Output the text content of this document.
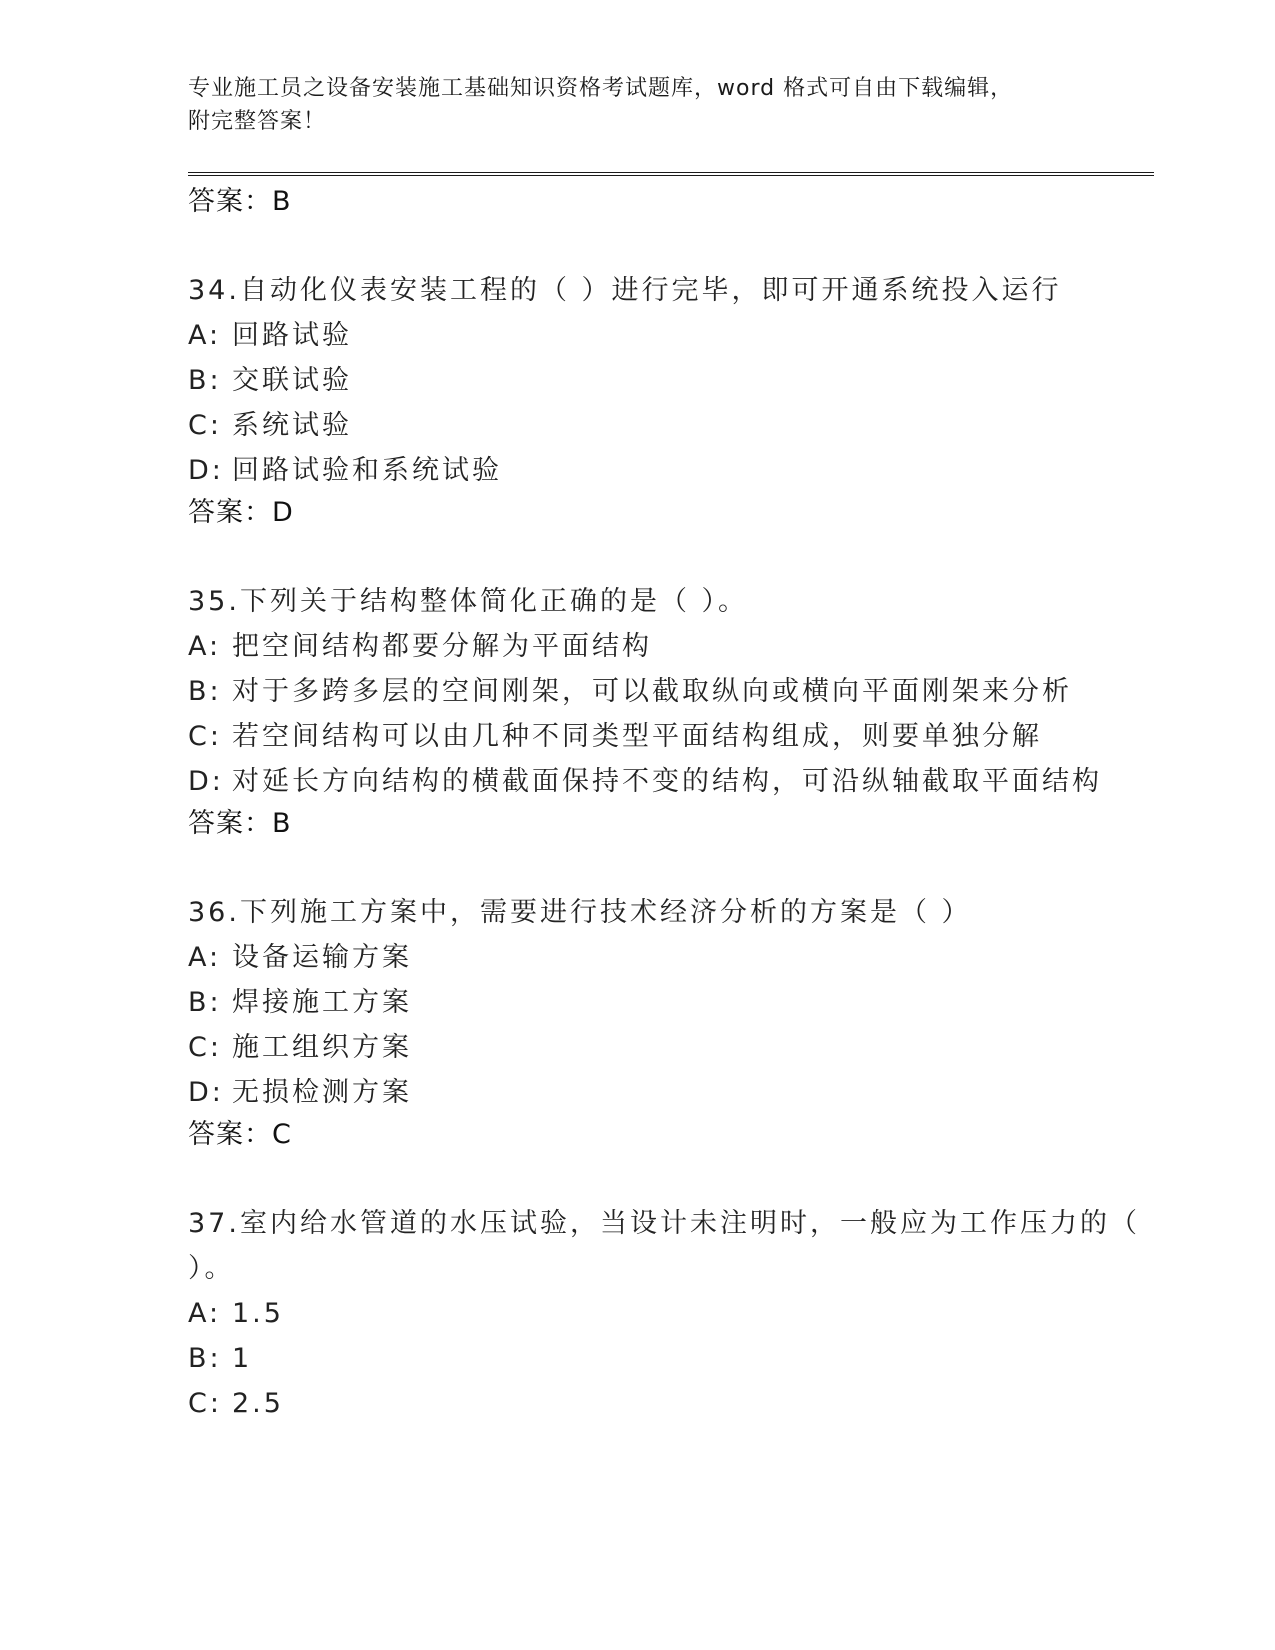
专业施工员之设备安装施工基础知识资格考试题库，word 格式可自由下载编辑，

附完整答案！

答案：B

34.自动化仪表安装工程的（ ）进行完毕，即可开通系统投入运行

A: 回路试验

B: 交联试验

C: 系统试验

D: 回路试验和系统试验

答案：D

35.下列关于结构整体简化正确的是（ ）。

A: 把空间结构都要分解为平面结构

B: 对于多跨多层的空间刚架，可以截取纵向或横向平面刚架来分析

C: 若空间结构可以由几种不同类型平面结构组成，则要单独分解

D: 对延长方向结构的横截面保持不变的结构，可沿纵轴截取平面结构

答案：B

36.下列施工方案中，需要进行技术经济分析的方案是（ ）

A: 设备运输方案

B: 焊接施工方案

C: 施工组织方案

D: 无损检测方案

答案：C

37.室内给水管道的水压试验，当设计未注明时，一般应为工作压力的（ ）。

A: 1.5

B: 1

C: 2.5
